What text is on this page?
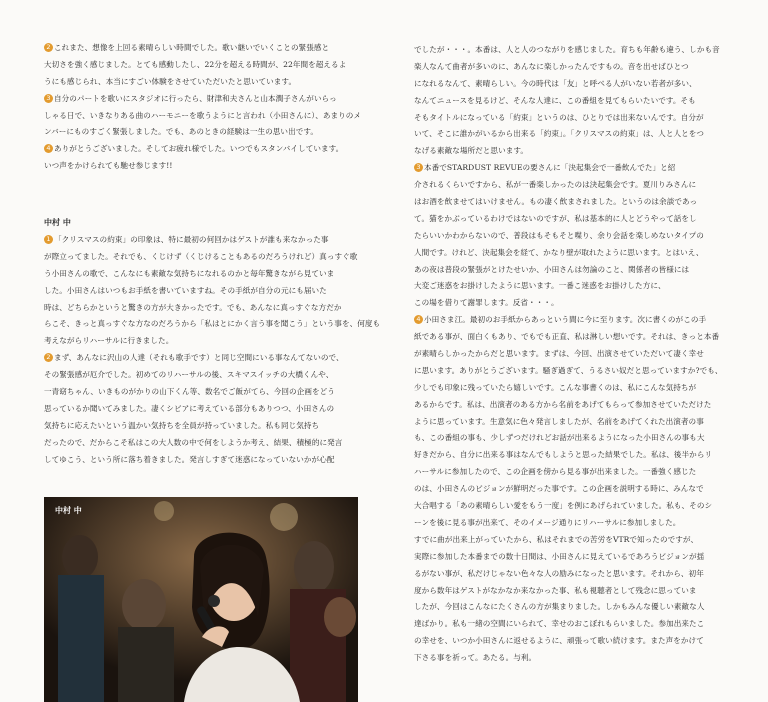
2 これまた、想像を上回る素晴らしい時間でした。歌い継いでいくことの緊張感と
大切さを強く感じました。とても感動したし、22分を超える時間が、22年間を超えるよ
うにも感じられ、本当にすごい体験をさせていただいたと思いています。
3 自分のパートを歌いにスタジオに行ったら、財津和夫さんと山本潤子さんがいらっ
しゃる日で、いきなりある曲のハーモニーを歌うようにと言われ（小田さんに）、あまりのメ
ンバーにものすごく緊張しました。でも、あのときの経験は一生の思い出です。
4 ありがとうございました。そしてお疲れ様でした。いつでもスタンバイしています。
いつ声をかけられても馳せ参じます!!
中村 中
1 「クリスマスの約束」の印象は、特に最初の何回かはゲストが誰も来なかった事
が際立ってました。それでも、くじけず（くじけることもあるのだろうけれど）真っすぐ歌
う小田さんの歌で、こんなにも素敵な気持ちになれるのかと毎年驚きながら見ていま
した。小田さんはいつもお手紙を書いていますね。その手紙が自分の元にも届いた
時は、どちらかというと驚きの方が大きかったです。でも、あんなに真っすぐな方だか
らこそ、きっと真っすぐな方なのだろうから「私はとにかく言う事を聞こう」という事を、何度も
考えながらリハーサルに行きました。
2 まず、あんなに沢山の人達（それも歌手です）と同じ空間にいる事なんてないので、
その緊張感が厄介でした。初めてのリハーサルの後、スキマスイッチの大橋くんや、
一青窈ちゃん、いきものがかりの山下くん等、数名でご飯がてら、今回の企画をどう
思っているか聞いてみました。凄くシビアに考えている部分もありつつ、小田さんの
気持ちに応えたいという温かい気持ちを全員が持っていました。私も同じ気持ち
だったので、だからこそ私はこの大人数の中で何をしようか考え、結果、積極的に発言
してゆこう、という所に落ち着きました。発言しすぎて迷惑になっていないかが心配
中村 中
でしたが・・・。本番は、人と人のつながりを感じました。育ちも年齢も違う、しかも音
楽人なんて曲者が多いのに、あんなに楽しかったんですもの。音を出せばひとつ
になれるなんて、素晴らしい。今の時代は「友」と呼べる人がいない若者が多い、
なんてニュースを見るけど、そんな人達に、この番組を見てもらいたいです。そも
そもタイトルになっている「約束」というのは、ひとりでは出来ないんです。自分が
いて、そこに誰かがいるから出来る「約束」。「クリスマスの約束」は、人と人とをつ
なげる素敵な場所だと思います。
3 本番でSTARDUST REVUEの要さんに「決起集会で一番飲んでた」と紹
介されるくらいですから、私が一番楽しかったのは決起集会です。夏川りみさんに
はお酒を飲ませてはいけません。もの凄く飲まされました。というのは余談であっ
て。猫をかぶっているわけではないのですが、私は基本的に人とどうやって話をし
たらいいかわからないので、普段はもそもそと喋り、余り会話を楽しめないタイプの
人間です。けれど、決起集会を経て、かなり壁が取れたように思います。とはいえ、
あの夜は普段の緊張がとけたせいか、小田さんは勿論のこと、関係者の皆様には
大変ご迷惑をお掛けしたように思います。一番こ迷惑をお掛けした方に、
この場を借りて謝罪します。反省・・・。
4 小田さま江。最初のお手紙からあっという間に今に至ります。次に書くのがこの手
紙である事が、面白くもあり、でもでも正直、私は淋しい想いです。それは、きっと本番
が素晴らしかったからだと思います。まずは、今回、出演させていただいて凄く幸せ
に思います。ありがとうございます。騒ぎ過ぎて、うるさい奴だと思っていますか?でも、
少しでも印象に残っていたら嬉しいです。こんな事書くのは、私にこんな気持ちが
あるからです。私は、出演者のある方から名前をあげてもらって参加させていただけた
ように思っています。生意気に色々発言しましたが、名前をあげてくれた出演者の事
も、この番組の事も、少しずつだけれどお話が出来るようになった小田さんの事も大
好きだから、自分に出来る事はなんでもしようと思った結果でした。私は、後半からリ
ハーサルに参加したので、この企画を傍から見る事が出来ました。一番強く感じた
のは、小田さんのビジョンが鮮明だった事です。この企画を説明する時に、みんなで
大合唱する「あの素晴らしい愛をもう一度」を例にあげられていました。私も、そのシ
ーンを後に見る事が出来て、そのイメージ通りにリハーサルに参加しました。
すでに曲が出来上がっていたから、私はそれまでの苦労をVTRで知ったのですが、
実際に参加した本番までの数十日間は、小田さんに見えているであろうビジョンが揺
るがない事が、私だけじゃない色々な人の励みになったと思います。それから、初年
度から数年はゲストがなかなか来なかった事、私も視聴者として残念に思っていま
したが、今回はこんなにたくさんの方が集まりました。しかもみんな優しい素敵な人
達ばかり。私も一緒の空間にいられて、幸せのおこぼれもらいました。参加出来たこ
の幸せを、いつか小田さんに返せるように、頑張って歌い続けます。また声をかけて
下さる事を祈って。あたる。与利。
